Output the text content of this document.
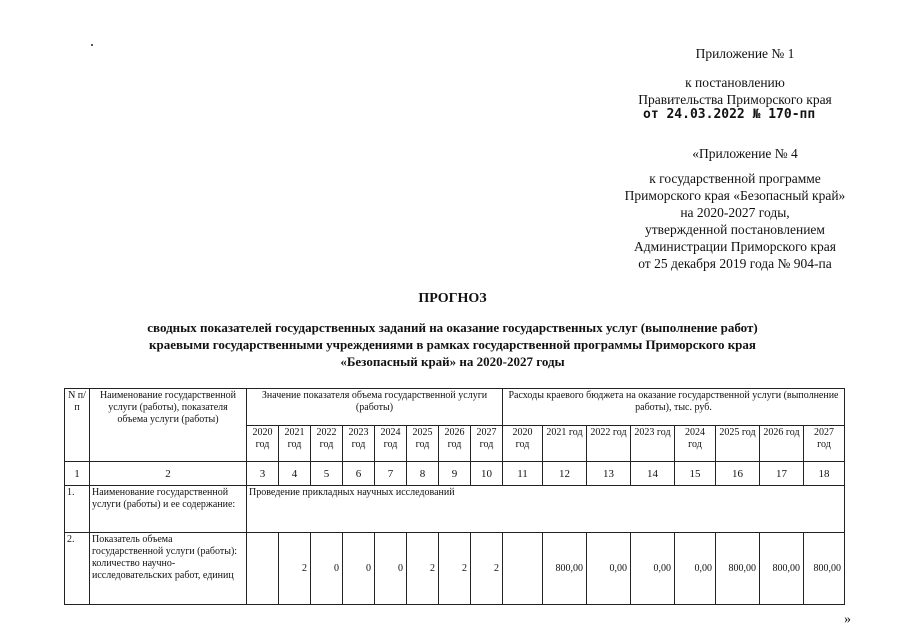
Приложение № 1
к постановлению
Правительства Приморского края
от 24.03.2022 № 170-пп
«Приложение № 4
к государственной программе
Приморского края «Безопасный край»
на 2020-2027 годы,
утвержденной постановлением
Администрации Приморского края
от 25 декабря 2019 года № 904-па
ПРОГНОЗ
сводных показателей государственных заданий на оказание государственных услуг (выполнение работ)
краевыми государственными учреждениями в рамках государственной программы Приморского края
«Безопасный край» на 2020-2027 годы
N п/п	Наименование государственной услуги (работы), показателя объема услуги (работы)	Значение показателя объема государственной услуги (работы)								Расходы краевого бюджета на оказание государственной услуги (выполнение работы), тыс. руб.							
		2020 год	2021 год	2022 год	2023 год	2024 год	2025 год	2026 год	2027 год	2020 год	2021 год	2022 год	2023 год	2024 год	2025 год	2026 год	2027 год
1	2	3	4	5	6	7	8	9	10	11	12	13	14	15	16	17	18
1.	Наименование государственной услуги (работы) и ее содержание:	Проведение прикладных научных исследований															
2.	Показатель объема государственной услуги (работы): количество научно-исследовательских работ, единиц		2	0	0	0	2	2	2		800,00	0,00	0,00	0,00	800,00	800,00	800,00
»
